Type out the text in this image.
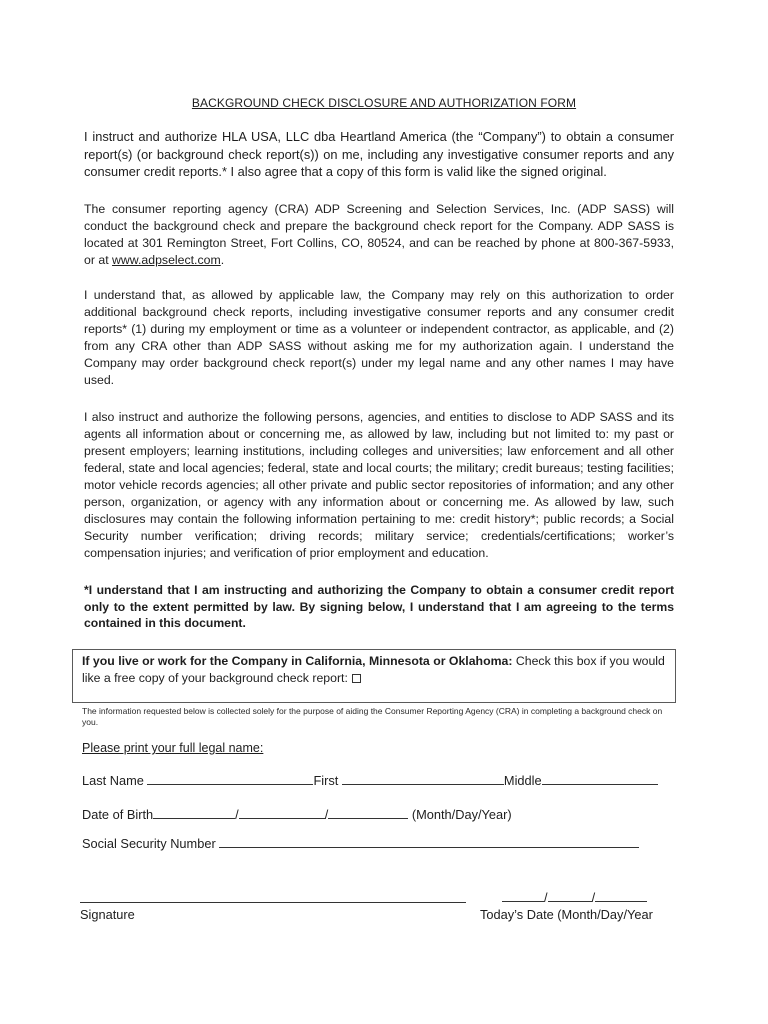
BACKGROUND CHECK DISCLOSURE AND AUTHORIZATION FORM

I instruct and authorize HLA USA, LLC dba Heartland America (the “Company”) to obtain a consumer report(s) (or background check report(s)) on me, including any investigative consumer reports and any consumer credit reports.* I also agree that a copy of this form is valid like the signed original.

The consumer reporting agency (CRA) ADP Screening and Selection Services, Inc. (ADP SASS) will conduct the background check and prepare the background check report for the Company. ADP SASS is located at 301 Remington Street, Fort Collins, CO, 80524, and can be reached by phone at 800-367-5933, or at www.adpselect.com.

I understand that, as allowed by applicable law, the Company may rely on this authorization to order additional background check reports, including investigative consumer reports and any consumer credit reports* (1) during my employment or time as a volunteer or independent contractor, as applicable, and (2) from any CRA other than ADP SASS without asking me for my authorization again. I understand the Company may order background check report(s) under my legal name and any other names I may have used.

I also instruct and authorize the following persons, agencies, and entities to disclose to ADP SASS and its agents all information about or concerning me, as allowed by law, including but not limited to: my past or present employers; learning institutions, including colleges and universities; law enforcement and all other federal, state and local agencies; federal, state and local courts; the military; credit bureaus; testing facilities; motor vehicle records agencies; all other private and public sector repositories of information; and any other person, organization, or agency with any information about or concerning me. As allowed by law, such disclosures may contain the following information pertaining to me: credit history*; public records; a Social Security number verification; driving records; military service; credentials/certifications; worker’s compensation injuries; and verification of prior employment and education.

*I understand that I am instructing and authorizing the Company to obtain a consumer credit report only to the extent permitted by law. By signing below, I understand that I am agreeing to the terms contained in this document.

If you live or work for the Company in California, Minnesota or Oklahoma: Check this box if you would like a free copy of your background check report:
The information requested below is collected solely for the purpose of aiding the Consumer Reporting Agency (CRA) in completing a background check on you.
Please print your full legal name:
Last Name	First	Middle
Date of Birth	/	/	(Month/Day/Year)
Social Security Number
Signature
/	/
Today’s Date (Month/Day/Year
